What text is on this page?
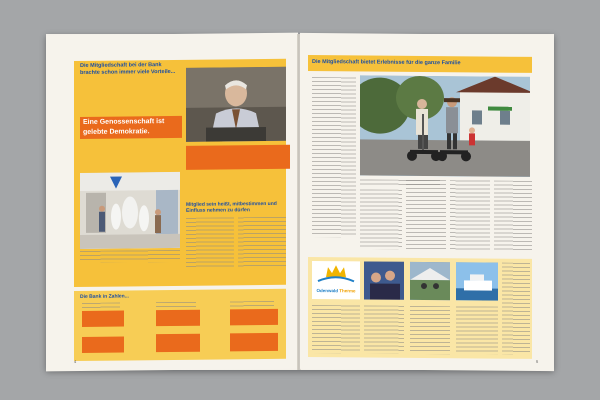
Die Mitgliedschaft bei der Bank
brachte schon immer viele Vorteile...
Eine Genossenschaft ist
gelebte Demokratie.
Mitglied sein heißt, mitbestimmen und
Einfluss nehmen zu dürfen
Die Bank in Zahlen...
4
Die Mitgliedschaft bietet Erlebnisse für die ganze Familie
Odenwald Therme
5
